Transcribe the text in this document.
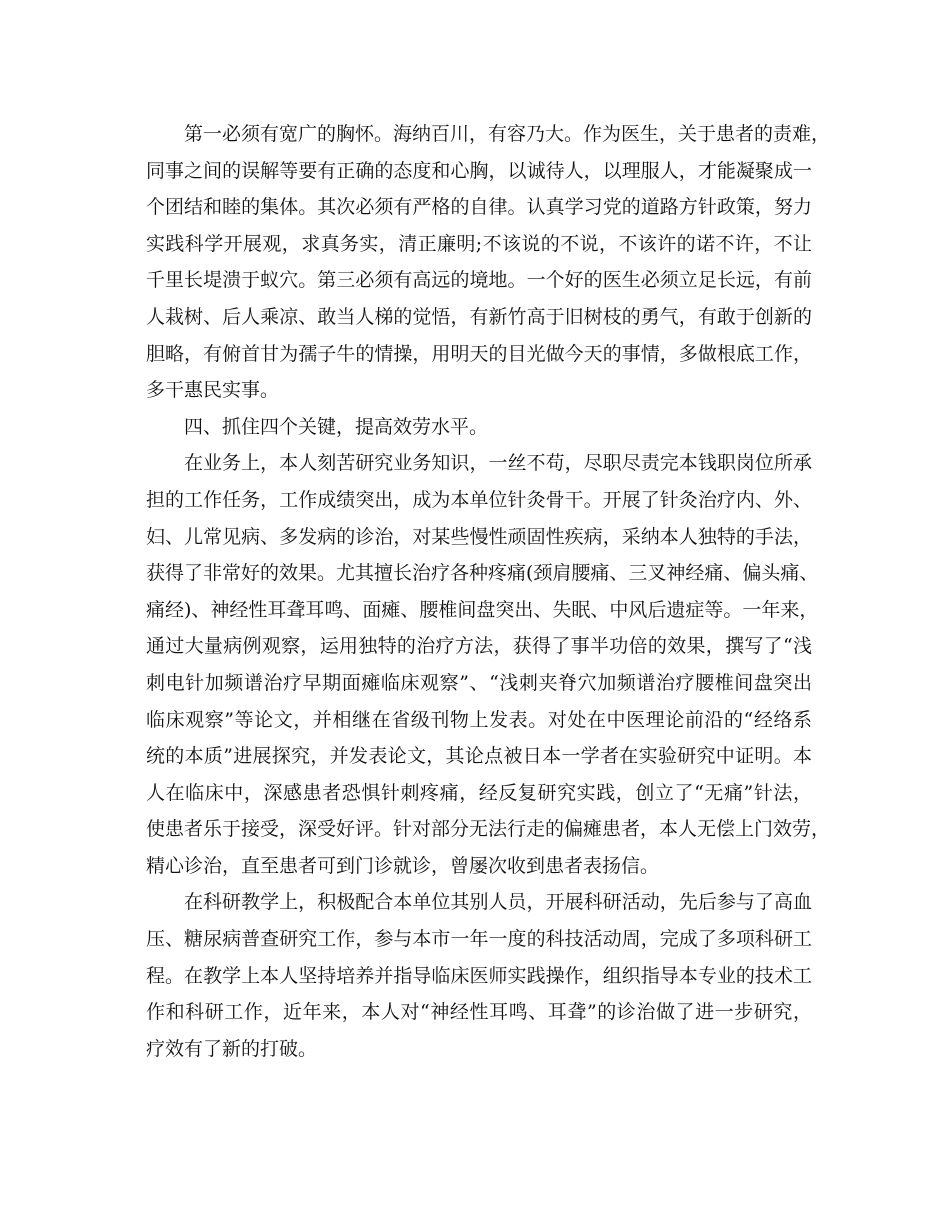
第一必须有宽广的胸怀。海纳百川，有容乃大。作为医生，关于患者的责难，
同事之间的误解等要有正确的态度和心胸，以诚待人，以理服人，才能凝聚成一
个团结和睦的集体。其次必须有严格的自律。认真学习党的道路方针政策，努力
实践科学开展观，求真务实，清正廉明;不该说的不说，不该许的诺不许，不让
千里长堤溃于蚁穴。第三必须有高远的境地。一个好的医生必须立足长远，有前
人栽树、后人乘凉、敢当人梯的觉悟，有新竹高于旧树枝的勇气，有敢于创新的
胆略，有俯首甘为孺子牛的情操，用明天的目光做今天的事情，多做根底工作，
多干惠民实事。
四、抓住四个关键，提高效劳水平。
在业务上，本人刻苦研究业务知识，一丝不苟，尽职尽责完本钱职岗位所承
担的工作任务，工作成绩突出，成为本单位针灸骨干。开展了针灸治疗内、外、
妇、儿常见病、多发病的诊治，对某些慢性顽固性疾病，采纳本人独特的手法，
获得了非常好的效果。尤其擅长治疗各种疼痛(颈肩腰痛、三叉神经痛、偏头痛、
痛经)、神经性耳聋耳鸣、面瘫、腰椎间盘突出、失眠、中风后遗症等。一年来，
通过大量病例观察，运用独特的治疗方法，获得了事半功倍的效果，撰写了“浅
刺电针加频谱治疗早期面瘫临床观察”、“浅刺夹脊穴加频谱治疗腰椎间盘突出
临床观察”等论文，并相继在省级刊物上发表。对处在中医理论前沿的“经络系
统的本质”进展探究，并发表论文，其论点被日本一学者在实验研究中证明。本
人在临床中，深感患者恐惧针刺疼痛，经反复研究实践，创立了“无痛”针法，
使患者乐于接受，深受好评。针对部分无法行走的偏瘫患者，本人无偿上门效劳，
精心诊治，直至患者可到门诊就诊，曾屡次收到患者表扬信。
在科研教学上，积极配合本单位其别人员，开展科研活动，先后参与了高血
压、糖尿病普查研究工作，参与本市一年一度的科技活动周，完成了多项科研工
程。在教学上本人坚持培养并指导临床医师实践操作，组织指导本专业的技术工
作和科研工作，近年来，本人对“神经性耳鸣、耳聋”的诊治做了进一步研究，
疗效有了新的打破。
